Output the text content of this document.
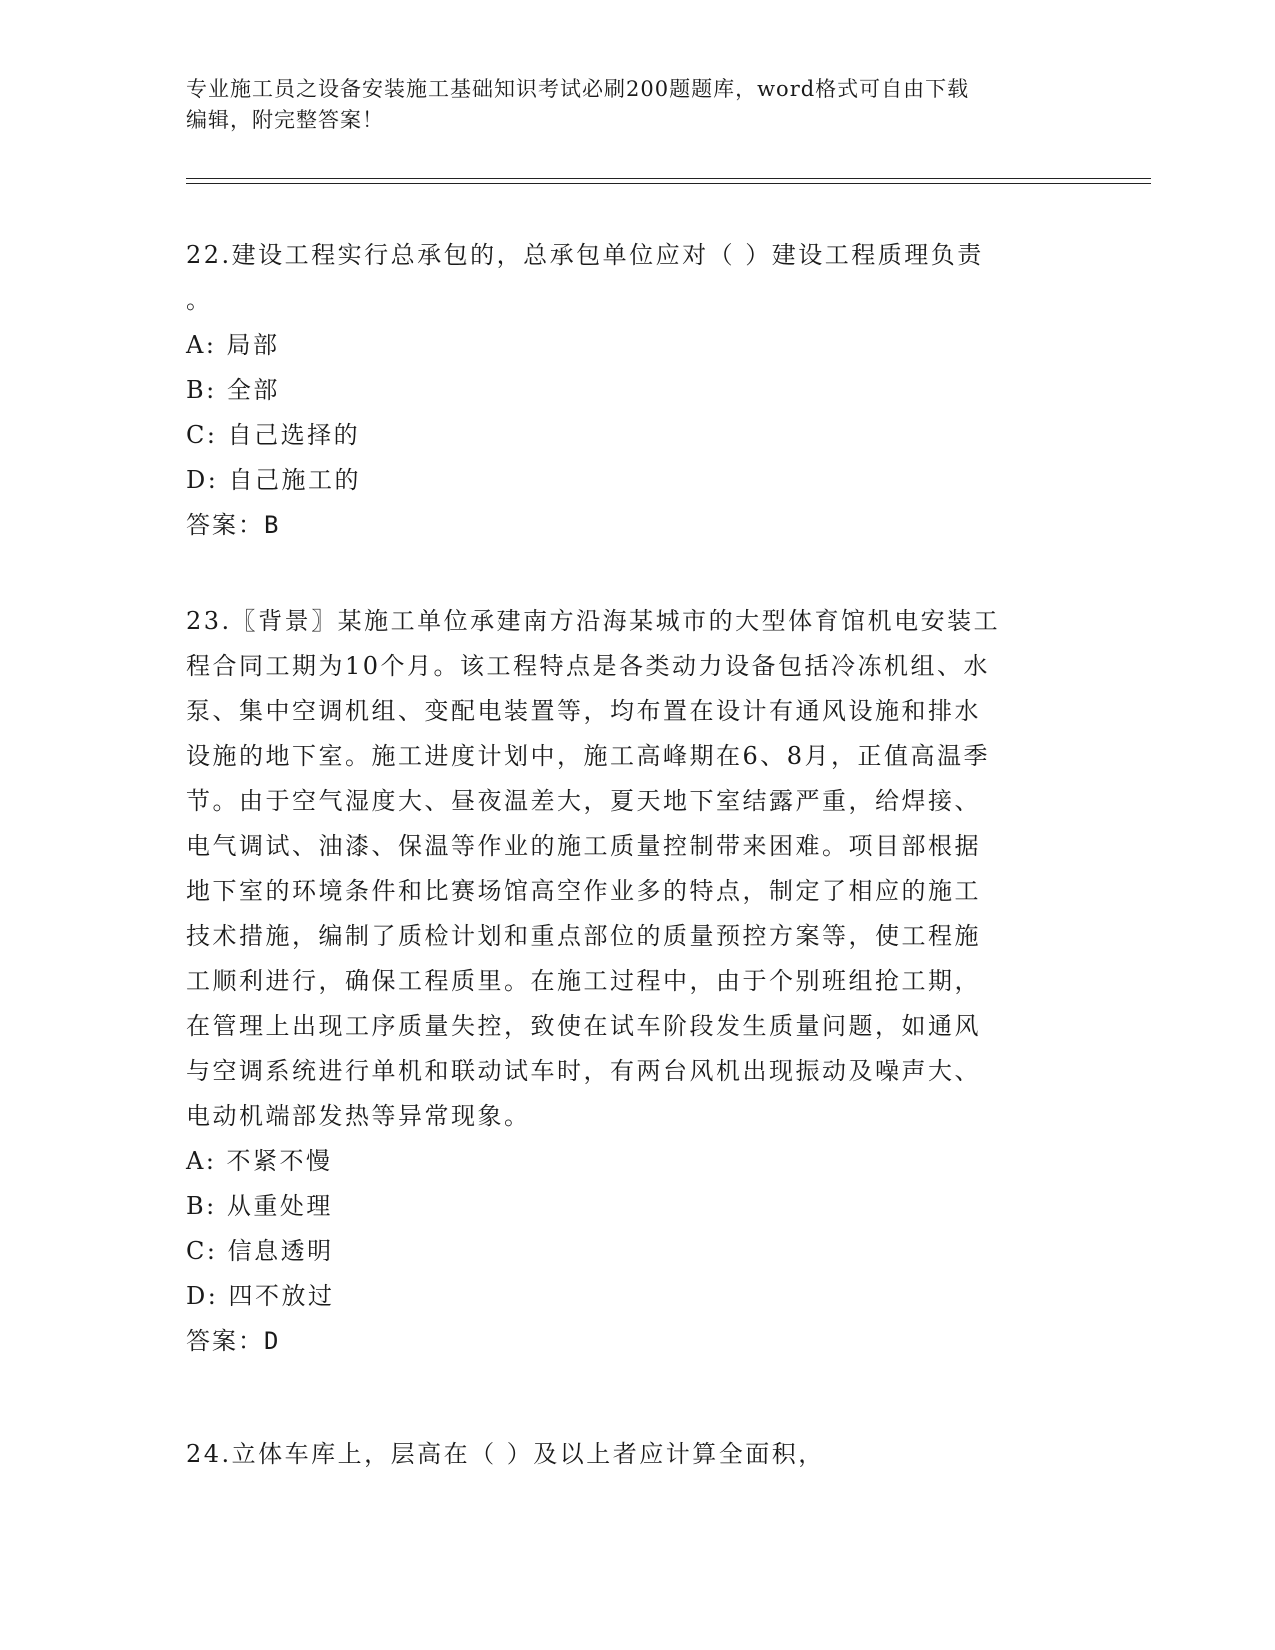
专业施工员之设备安装施工基础知识考试必刷200题题库，word格式可自由下载
编辑，附完整答案！

22.建设工程实行总承包的，总承包单位应对（ ）建设工程质理负责

。

A: 局部

B: 全部

C: 自己选择的

D: 自己施工的

答案：B

23.〖背景〗某施工单位承建南方沿海某城市的大型体育馆机电安装工

程合同工期为10个月。该工程特点是各类动力设备包括冷冻机组、水

泵、集中空调机组、变配电装置等，均布置在设计有通风设施和排水

设施的地下室。施工进度计划中，施工高峰期在6、8月，正值高温季

节。由于空气湿度大、昼夜温差大，夏天地下室结露严重，给焊接、

电气调试、油漆、保温等作业的施工质量控制带来困难。项目部根据

地下室的环境条件和比赛场馆高空作业多的特点，制定了相应的施工

技术措施，编制了质检计划和重点部位的质量预控方案等，使工程施

工顺利进行，确保工程质里。在施工过程中，由于个别班组抢工期，

在管理上出现工序质量失控，致使在试车阶段发生质量问题，如通风

与空调系统进行单机和联动试车时，有两台风机出现振动及噪声大、

电动机端部发热等异常现象。

A: 不紧不慢

B: 从重处理

C: 信息透明

D: 四不放过

答案：D

24.立体车库上，层高在（ ）及以上者应计算全面积，
